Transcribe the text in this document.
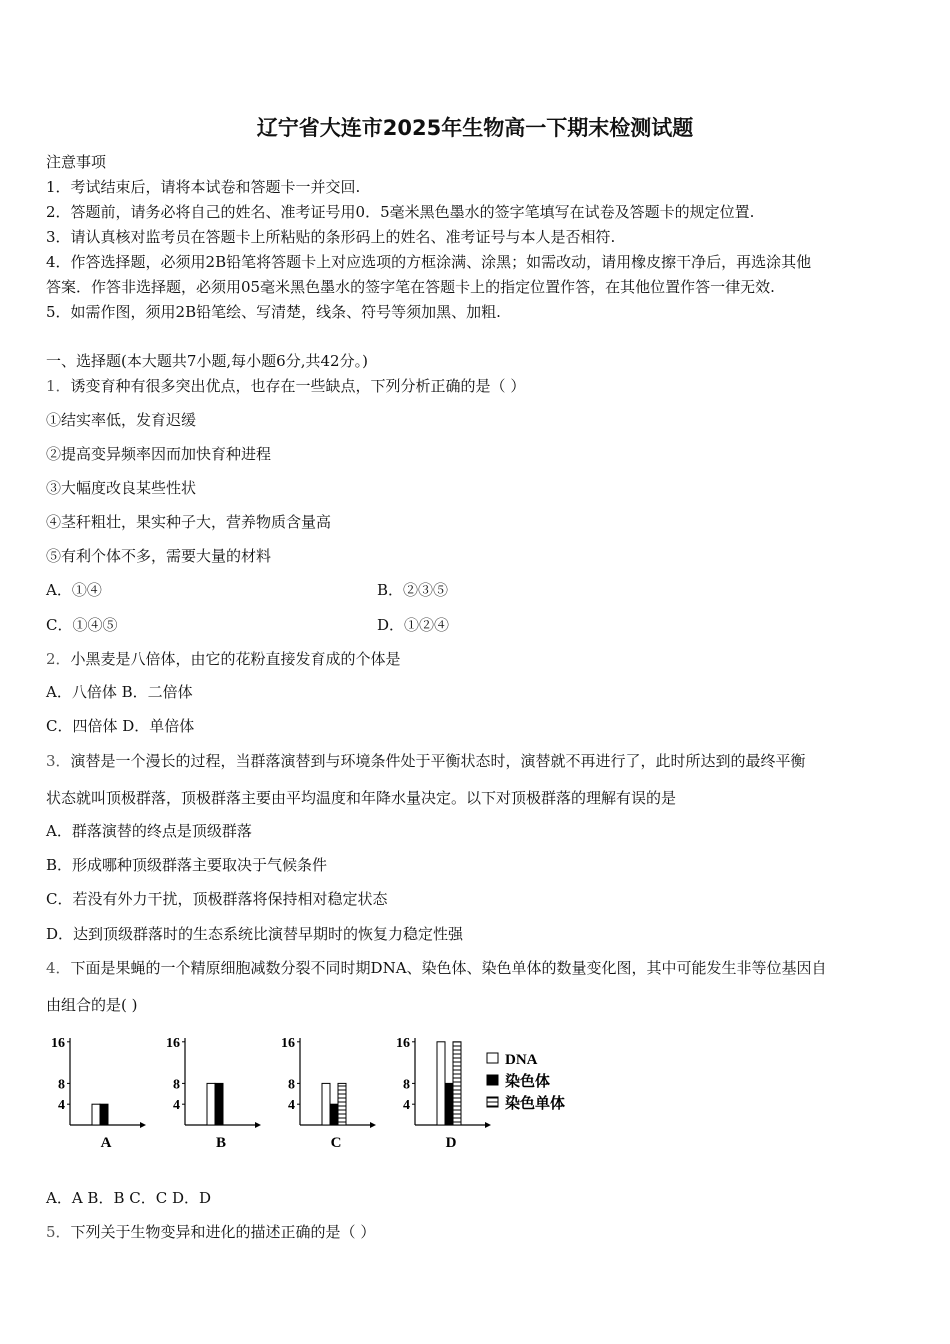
辽宁省大连市2025年生物高一下期末检测试题
注意事项
1．考试结束后，请将本试卷和答题卡一并交回.
2．答题前，请务必将自己的姓名、准考证号用0．5毫米黑色墨水的签字笔填写在试卷及答题卡的规定位置.
3．请认真核对监考员在答题卡上所粘贴的条形码上的姓名、准考证号与本人是否相符.
4．作答选择题，必须用2B铅笔将答题卡上对应选项的方框涂满、涂黑；如需改动，请用橡皮擦干净后，再选涂其他
答案．作答非选择题，必须用05毫米黑色墨水的签字笔在答题卡上的指定位置作答，在其他位置作答一律无效.
5．如需作图，须用2B铅笔绘、写清楚，线条、符号等须加黑、加粗.
一、选择题(本大题共7小题,每小题6分,共42分。)
1．诱变育种有很多突出优点，也存在一些缺点，下列分析正确的是（ ）
①结实率低，发育迟缓
②提高变异频率因而加快育种进程
③大幅度改良某些性状
④茎秆粗壮，果实种子大，营养物质含量高
⑤有利个体不多，需要大量的材料
A．①④	B．②③⑤
C．①④⑤	D．①②④
2．小黑麦是八倍体，由它的花粉直接发育成的个体是
A．八倍体 B．二倍体
C．四倍体 D．单倍体
3．演替是一个漫长的过程，当群落演替到与环境条件处于平衡状态时，演替就不再进行了，此时所达到的最终平衡
状态就叫顶极群落，顶极群落主要由平均温度和年降水量决定。以下对顶极群落的理解有误的是
A．群落演替的终点是顶级群落
B．形成哪种顶级群落主要取决于气候条件
C．若没有外力干扰，顶极群落将保持相对稳定状态
D．达到顶级群落时的生态系统比演替早期时的恢复力稳定性强
4．下面是果蝇的一个精原细胞减数分裂不同时期DNA、染色体、染色单体的数量变化图，其中可能发生非等位基因自
由组合的是( )
16
8
4
A
16
8
4
B
16
8
4
C
16
8
4
D
DNA
染色体
染色单体
A．A B．B C．C D．D
5．下列关于生物变异和进化的描述正确的是（ ）
